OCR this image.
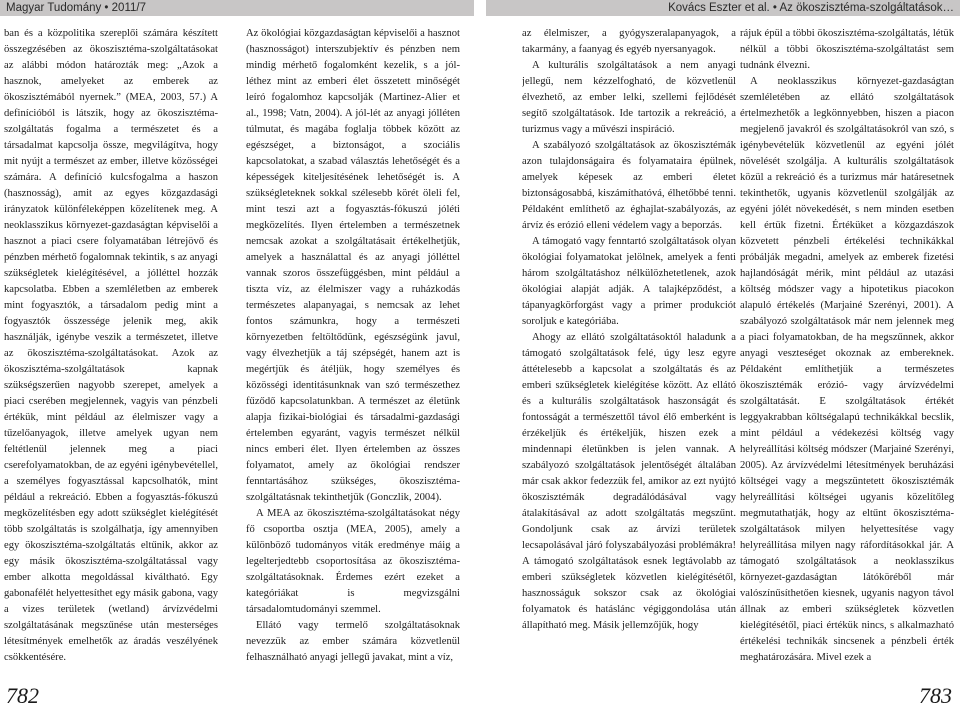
Magyar Tudomány • 2011/7	Kovács Eszter et al. • Az ökoszisztéma-szolgáltatások…

ban és a közpolitika szereplői számára készített összegzésében az ökoszisztéma-szolgáltatásokat az alábbi módon határozták meg: „Azok a hasznok, amelyeket az emberek az ökoszisztémából nyernek.” (MEA, 2003, 57.) A definícióból is látszik, hogy az ökoszisztéma-szolgáltatás fogalma a természetet és a társadalmat kapcsolja össze, megvilágítva, hogy mit nyújt a természet az ember, illetve közösségei számára. A definíció kulcsfogalma a haszon (hasznosság), amit az egyes közgazdasági irányzatok különféleképpen közelítenek meg. A neoklasszikus környezet-gazdaságtan képviselői a hasznot a piaci csere folyamatában létrejövő és pénzben mérhető fogalomnak tekintik, s az anyagi szükségletek kielégítésével, a jólléttel hozzák kapcsolatba. Ebben a szemléletben az emberek mint fogyasztók, a társadalom pedig mint a fogyasztók összessége jelenik meg, akik használják, igénybe veszik a természetet, illetve az ökoszisztéma-szolgáltatásokat. Azok az ökoszisztéma-szolgáltatások kapnak szükségszerűen nagyobb szerepet, amelyek a piaci cserében megjelennek, vagyis van pénzbeli értékük, mint például az élelmiszer vagy a tűzelőanyagok, illetve amelyek ugyan nem feltétlenül jelennek meg a piaci cserefolyamatokban, de az egyéni igénybevétellel, a személyes fogyasztással kapcsolhatók, mint például a rekreáció. Ebben a fogyasztás-fókuszú megközelítésben egy adott szükséglet kielégítését több szolgáltatás is szolgálhatja, így amennyiben egy ökoszisztéma-szolgáltatás eltűnik, akkor az egy másik ökoszisztéma-szolgáltatással vagy ember alkotta megoldással kiváltható. Egy gabonafélét helyettesíthet egy másik gabona, vagy a vizes területek (wetland) árvízvédelmi szolgáltatásának megszűnése után mesterséges létesítmények emelhetők az áradás veszélyének csökkentésére.

Az ökológiai közgazdaságtan képviselői a hasznot (hasznosságot) interszubjektív és pénzben nem mindig mérhető fogalomként kezelik, s a jól-léthez mint az emberi élet összetett minőségét leíró fogalomhoz kapcsolják (Martinez-Alier et al., 1998; Vatn, 2004). A jól-lét az anyagi jólléten túlmutat, és magába foglalja többek között az egészséget, a biztonságot, a szociális kapcsolatokat, a szabad választás lehetőségét és a képességek kiteljesítésének lehetőségét is. A szükségleteknek sokkal szélesebb körét öleli fel, mint teszi azt a fogyasztás-fókuszú jóléti megközelítés. Ilyen értelemben a természetnek nemcsak azokat a szolgáltatásait értékelhetjük, amelyek a használattal és az anyagi jólléttel vannak szoros összefüggésben, mint például a tiszta víz, az élelmiszer vagy a ruházkodás természetes alapanyagai, s nemcsak az lehet fontos számunkra, hogy a természeti környezetben feltöltődünk, egészségünk javul, vagy élvezhetjük a táj szépségét, hanem azt is megértjük és átéljük, hogy személyes és közösségi identitásunknak van szó természethez fűződő kapcsolatunkban. A természet az életünk alapja fizikai-biológiai és társadalmi-gazdasági értelemben egyaránt, vagyis természet nélkül nincs emberi élet. Ilyen értelemben az összes folyamatot, amely az ökológiai rendszer fenntartásához szükséges, ökoszisztéma-szolgáltatásnak tekinthetjük (Gonczlik, 2004).

A MEA az ökoszisztéma-szolgáltatásokat négy fő csoportba osztja (MEA, 2005), amely a különböző tudományos viták eredménye máig a legelterjedtebb csoportosítása az ökoszisztéma-szolgáltatásoknak. Érdemes ezért ezeket a kategóriákat is megvizsgálni társadalomtudományi szemmel.

Ellátó vagy termelő szolgáltatásoknak nevezzük az ember számára közvetlenül felhasználható anyagi jellegű javakat, mint a víz,

az élelmiszer, a gyógyszeralapanyagok, a takarmány, a faanyag és egyéb nyersanyagok.

A kulturális szolgáltatások a nem anyagi jellegű, nem kézzelfogható, de közvetlenül élvezhető, az ember lelki, szellemi fejlődését segítő szolgáltatások. Ide tartozik a rekreáció, a turizmus vagy a művészi inspiráció.

A szabályozó szolgáltatások az ökoszisztémák azon tulajdonságaira és folyamataira épülnek, amelyek képesek az emberi életet biztonságosabbá, kiszámíthatóvá, élhetőbbé tenni. Példaként említhető az éghajlat-szabályozás, az árvíz és erózió elleni védelem vagy a beporzás.

A támogató vagy fenntartó szolgáltatások olyan ökológiai folyamatokat jelölnek, amelyek a fenti három szolgáltatáshoz nélkülözhetetlenek, azok ökológiai alapját adják. A talajképződést, a tápanyagkörforgást vagy a primer produkciót soroljuk e kategóriába.

Ahogy az ellátó szolgáltatásoktól haladunk a támogató szolgáltatások felé, úgy lesz egyre áttételesebb a kapcsolat a szolgáltatás és az emberi szükségletek kielégítése között. Az ellátó és a kulturális szolgáltatások haszonságát és fontosságát a természettől távol élő emberként is érzékeljük és értékeljük, hiszen ezek a mindennapi életünkben is jelen vannak. A szabályozó szolgáltatások jelentőségét általában már csak akkor fedezzük fel, amikor az ezt nyújtó ökoszisztémák degradálódásával vagy átalakításával az adott szolgáltatás megszűnt. Gondoljunk csak az árvízi területek lecsapolásával járó folyszabályozási problémákra! A támogató szolgáltatások esnek legtávolabb az emberi szükségletek közvetlen kielégítésétől, hasznosságuk sokszor csak az ökológiai folyamatok és hatáslánc végiggondolása után állapítható meg. Másik jellemzőjük, hogy

rájuk épül a többi ökoszisztéma-szolgáltatás, létük nélkül a többi ökoszisztéma-szolgáltatást sem tudnánk élvezni.

A neoklasszikus környezet-gazdaságtan szemléletében az ellátó szolgáltatások értelmezhetők a legkönnyebben, hiszen a piacon megjelenő javakról és szolgáltatásokról van szó, s igénybevételük közvetlenül az egyéni jólét növelését szolgálja. A kulturális szolgáltatások közül a rekreáció és a turizmus már határesetnek tekinthetők, ugyanis közvetlenül szolgálják az egyéni jólét növekedését, s nem minden esetben kell értük fizetni. Értéküket a közgazdászok közvetett pénzbeli értékelési technikákkal próbálják megadni, amelyek az emberek fizetési hajlandóságát mérik, mint például az utazási költség módszer vagy a hipotetikus piacokon alapuló értékelés (Marjainé Szerényi, 2001). A szabályozó szolgáltatások már nem jelennek meg a piaci folyamatokban, de ha megszűnnek, akkor anyagi veszteséget okoznak az embereknek. Példaként említhetjük a természetes ökoszisztémák erózió- vagy árvízvédelmi szolgáltatását. E szolgáltatások értékét leggyakrabban költségalapú technikákkal becslik, mint például a védekezési költség vagy helyreállítási költség módszer (Marjainé Szerényi, 2005). Az árvízvédelmi létesítmények beruházási költségei vagy a megszüntetett ökoszisztémák helyreállítási költségei ugyanis közelítőleg megmutathatják, hogy az eltűnt ökoszisztéma-szolgáltatások milyen helyettesítése vagy helyreállítása milyen nagy ráfordításokkal jár. A támogató szolgáltatások a neoklasszikus környezet-gazdaságtan látóköréből már valószínűsíthetően kiesnek, ugyanis nagyon távol állnak az emberi szükségletek közvetlen kielégítésétől, piaci értékük nincs, s alkalmazható értékelési technikák sincsenek a pénzbeli érték meghatározására. Mivel ezek a

782	783
